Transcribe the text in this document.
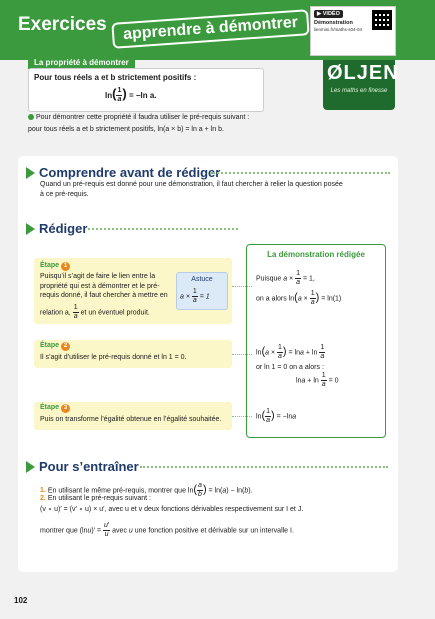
Exercices apprendre à démontrer	▶ VIDÉO
Démonstration
lienmini.fr/maths-s04-04
ØLJEN
Les maths en finesse
La propriété à démontrer
Pour tous réels a et b strictement positifs :
$\ln( \frac{1}{a}$ ) = −ln a.
Pour démontrer cette propriété il faudra utiliser le pré-requis suivant :
pour tous réels a et b strictement positifs, ln(a × b) = ln a + ln b.
Comprendre avant de rédiger
Quand un pré-requis est donné pour une démonstration, il faut chercher à relier la question posée
à ce pré-requis.
Rédiger
La démonstration rédigée
Étape 1
Puisqu’il s’agit de faire le lien entre la
propriété qui est à démontrer et le pré-
requis donné, il faut chercher à mettre en
relation a, $\frac{1}{a}$ et un éventuel produit.
Astuce
$a \times \frac{1}{a} = 1$
Puisque $a \times \frac{1}{a} = 1$,
on a alors $\ln(a \times \frac{1}{a}$ ) = ln(1)
Étape 2
Il s’agit d’utiliser le pré-requis donné et ln 1 = 0.
$\ln(a \times \frac{1}{a}$ ) = $\ln a + \ln \frac{1}{a}$
or ln 1 = 0 on a alors :
$\ln a + \ln \frac{1}{a} = 0$
Étape 3
Puis on transforme l’égalité obtenue en l’égalité souhaitée.	$\ln( \frac{1}{a}$ ) = −lna
Pour s’entraîner
1. En utilisant le même pré-requis, montrer que $\ln( \frac{a}{b}$ ) = ln(a) − ln(b).
2. En utilisant le pré-requis suivant :
(v ∘ u)′ = (v′ ∘ u) × u′, avec u et v deux fonctions dérivables respectivement sur I et J.
montrer que $(\ln u)' = \frac{u'}{u}$ avec u une fonction positive et dérivable sur un intervalle I.
102
